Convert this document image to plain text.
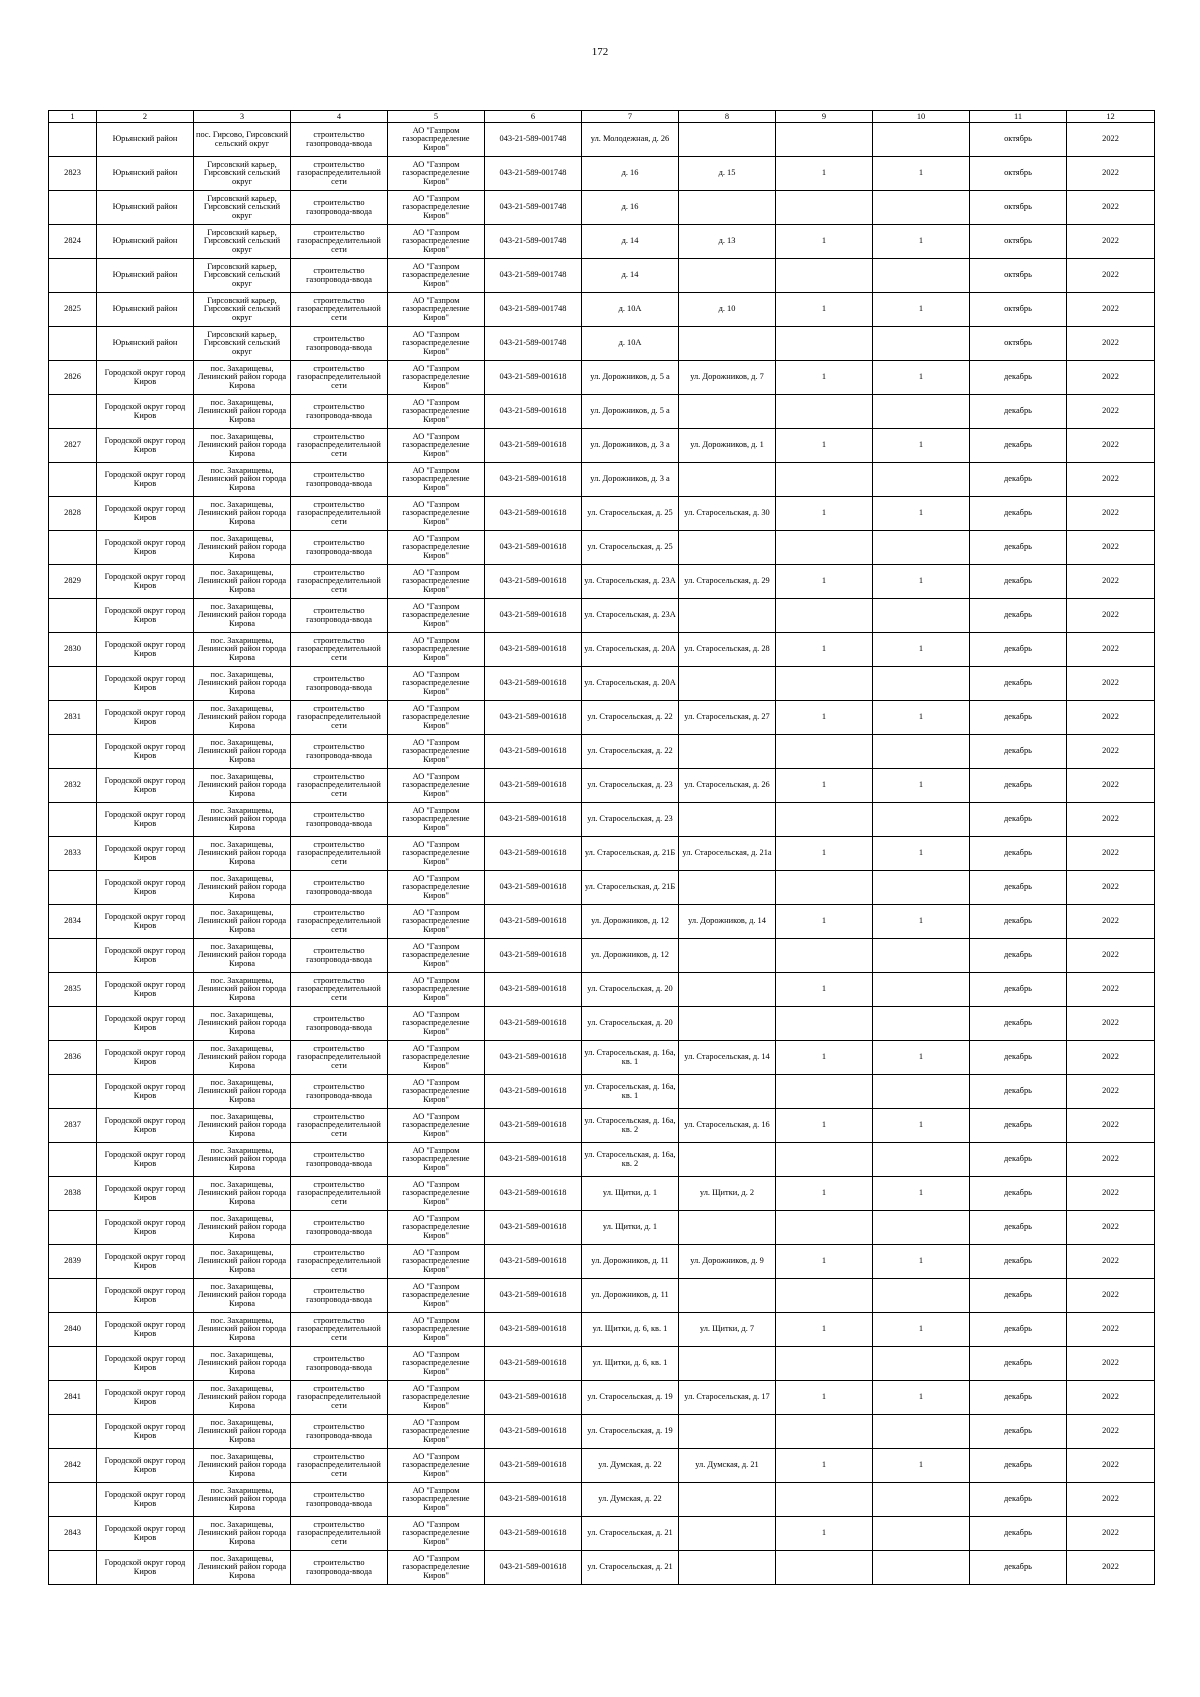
172
1	2	3	4	5	6	7	8	9	10	11	12
	Юрьянский район	пос. Гирсово, Гирсовский сельский округ	строительство газопровода-ввода	АО "Газпром газораспределение Киров"	043-21-589-001748	ул. Молодежная, д. 26				октябрь	2022
2823	Юрьянский район	Гирсовский карьер, Гирсовский сельский округ	строительство газораспределительной сети	АО "Газпром газораспределение Киров"	043-21-589-001748	д. 16	д. 15	1	1	октябрь	2022
	Юрьянский район	Гирсовский карьер, Гирсовский сельский округ	строительство газопровода-ввода	АО "Газпром газораспределение Киров"	043-21-589-001748	д. 16				октябрь	2022
2824	Юрьянский район	Гирсовский карьер, Гирсовский сельский округ	строительство газораспределительной сети	АО "Газпром газораспределение Киров"	043-21-589-001748	д. 14	д. 13	1	1	октябрь	2022
	Юрьянский район	Гирсовский карьер, Гирсовский сельский округ	строительство газопровода-ввода	АО "Газпром газораспределение Киров"	043-21-589-001748	д. 14				октябрь	2022
2825	Юрьянский район	Гирсовский карьер, Гирсовский сельский округ	строительство газораспределительной сети	АО "Газпром газораспределение Киров"	043-21-589-001748	д. 10А	д. 10	1	1	октябрь	2022
	Юрьянский район	Гирсовский карьер, Гирсовский сельский округ	строительство газопровода-ввода	АО "Газпром газораспределение Киров"	043-21-589-001748	д. 10А				октябрь	2022
2826	Городской округ город Киров	пос. Захарищевы, Ленинский район города Кирова	строительство газораспределительной сети	АО "Газпром газораспределение Киров"	043-21-589-001618	ул. Дорожников, д. 5 а	ул. Дорожников, д. 7	1	1	декабрь	2022
	Городской округ город Киров	пос. Захарищевы, Ленинский район города Кирова	строительство газопровода-ввода	АО "Газпром газораспределение Киров"	043-21-589-001618	ул. Дорожников, д. 5 а				декабрь	2022
2827	Городской округ город Киров	пос. Захарищевы, Ленинский район города Кирова	строительство газораспределительной сети	АО "Газпром газораспределение Киров"	043-21-589-001618	ул. Дорожников, д. 3 а	ул. Дорожников, д. 1	1	1	декабрь	2022
	Городской округ город Киров	пос. Захарищевы, Ленинский район города Кирова	строительство газопровода-ввода	АО "Газпром газораспределение Киров"	043-21-589-001618	ул. Дорожников, д. 3 а				декабрь	2022
2828	Городской округ город Киров	пос. Захарищевы, Ленинский район города Кирова	строительство газораспределительной сети	АО "Газпром газораспределение Киров"	043-21-589-001618	ул. Старосельская, д. 25	ул. Старосельская, д. 30	1	1	декабрь	2022
	Городской округ город Киров	пос. Захарищевы, Ленинский район города Кирова	строительство газопровода-ввода	АО "Газпром газораспределение Киров"	043-21-589-001618	ул. Старосельская, д. 25				декабрь	2022
2829	Городской округ город Киров	пос. Захарищевы, Ленинский район города Кирова	строительство газораспределительной сети	АО "Газпром газораспределение Киров"	043-21-589-001618	ул. Старосельская, д. 23А	ул. Старосельская, д. 29	1	1	декабрь	2022
	Городской округ город Киров	пос. Захарищевы, Ленинский район города Кирова	строительство газопровода-ввода	АО "Газпром газораспределение Киров"	043-21-589-001618	ул. Старосельская, д. 23А				декабрь	2022
2830	Городской округ город Киров	пос. Захарищевы, Ленинский район города Кирова	строительство газораспределительной сети	АО "Газпром газораспределение Киров"	043-21-589-001618	ул. Старосельская, д. 20А	ул. Старосельская, д. 28	1	1	декабрь	2022
	Городской округ город Киров	пос. Захарищевы, Ленинский район города Кирова	строительство газопровода-ввода	АО "Газпром газораспределение Киров"	043-21-589-001618	ул. Старосельская, д. 20А				декабрь	2022
2831	Городской округ город Киров	пос. Захарищевы, Ленинский район города Кирова	строительство газораспределительной сети	АО "Газпром газораспределение Киров"	043-21-589-001618	ул. Старосельская, д. 22	ул. Старосельская, д. 27	1	1	декабрь	2022
	Городской округ город Киров	пос. Захарищевы, Ленинский район города Кирова	строительство газопровода-ввода	АО "Газпром газораспределение Киров"	043-21-589-001618	ул. Старосельская, д. 22				декабрь	2022
2832	Городской округ город Киров	пос. Захарищевы, Ленинский район города Кирова	строительство газораспределительной сети	АО "Газпром газораспределение Киров"	043-21-589-001618	ул. Старосельская, д. 23	ул. Старосельская, д. 26	1	1	декабрь	2022
	Городской округ город Киров	пос. Захарищевы, Ленинский район города Кирова	строительство газопровода-ввода	АО "Газпром газораспределение Киров"	043-21-589-001618	ул. Старосельская, д. 23				декабрь	2022
2833	Городской округ город Киров	пос. Захарищевы, Ленинский район города Кирова	строительство газораспределительной сети	АО "Газпром газораспределение Киров"	043-21-589-001618	ул. Старосельская, д. 21Б	ул. Старосельская, д. 21а	1	1	декабрь	2022
	Городской округ город Киров	пос. Захарищевы, Ленинский район города Кирова	строительство газопровода-ввода	АО "Газпром газораспределение Киров"	043-21-589-001618	ул. Старосельская, д. 21Б				декабрь	2022
2834	Городской округ город Киров	пос. Захарищевы, Ленинский район города Кирова	строительство газораспределительной сети	АО "Газпром газораспределение Киров"	043-21-589-001618	ул. Дорожников, д. 12	ул. Дорожников, д. 14	1	1	декабрь	2022
	Городской округ город Киров	пос. Захарищевы, Ленинский район города Кирова	строительство газопровода-ввода	АО "Газпром газораспределение Киров"	043-21-589-001618	ул. Дорожников, д. 12				декабрь	2022
2835	Городской округ город Киров	пос. Захарищевы, Ленинский район города Кирова	строительство газораспределительной сети	АО "Газпром газораспределение Киров"	043-21-589-001618	ул. Старосельская, д. 20		1		декабрь	2022
	Городской округ город Киров	пос. Захарищевы, Ленинский район города Кирова	строительство газопровода-ввода	АО "Газпром газораспределение Киров"	043-21-589-001618	ул. Старосельская, д. 20				декабрь	2022
2836	Городской округ город Киров	пос. Захарищевы, Ленинский район города Кирова	строительство газораспределительной сети	АО "Газпром газораспределение Киров"	043-21-589-001618	ул. Старосельская, д. 16а, кв. 1	ул. Старосельская, д. 14	1	1	декабрь	2022
	Городской округ город Киров	пос. Захарищевы, Ленинский район города Кирова	строительство газопровода-ввода	АО "Газпром газораспределение Киров"	043-21-589-001618	ул. Старосельская, д. 16а, кв. 1				декабрь	2022
2837	Городской округ город Киров	пос. Захарищевы, Ленинский район города Кирова	строительство газораспределительной сети	АО "Газпром газораспределение Киров"	043-21-589-001618	ул. Старосельская, д. 16а, кв. 2	ул. Старосельская, д. 16	1	1	декабрь	2022
	Городской округ город Киров	пос. Захарищевы, Ленинский район города Кирова	строительство газопровода-ввода	АО "Газпром газораспределение Киров"	043-21-589-001618	ул. Старосельская, д. 16а, кв. 2				декабрь	2022
2838	Городской округ город Киров	пос. Захарищевы, Ленинский район города Кирова	строительство газораспределительной сети	АО "Газпром газораспределение Киров"	043-21-589-001618	ул. Щитки, д. 1	ул. Щитки, д. 2	1	1	декабрь	2022
	Городской округ город Киров	пос. Захарищевы, Ленинский район города Кирова	строительство газопровода-ввода	АО "Газпром газораспределение Киров"	043-21-589-001618	ул. Щитки, д. 1				декабрь	2022
2839	Городской округ город Киров	пос. Захарищевы, Ленинский район города Кирова	строительство газораспределительной сети	АО "Газпром газораспределение Киров"	043-21-589-001618	ул. Дорожников, д. 11	ул. Дорожников, д. 9	1	1	декабрь	2022
	Городской округ город Киров	пос. Захарищевы, Ленинский район города Кирова	строительство газопровода-ввода	АО "Газпром газораспределение Киров"	043-21-589-001618	ул. Дорожников, д. 11				декабрь	2022
2840	Городской округ город Киров	пос. Захарищевы, Ленинский район города Кирова	строительство газораспределительной сети	АО "Газпром газораспределение Киров"	043-21-589-001618	ул. Щитки, д. 6, кв. 1	ул. Щитки, д. 7	1	1	декабрь	2022
	Городской округ город Киров	пос. Захарищевы, Ленинский район города Кирова	строительство газопровода-ввода	АО "Газпром газораспределение Киров"	043-21-589-001618	ул. Щитки, д. 6, кв. 1				декабрь	2022
2841	Городской округ город Киров	пос. Захарищевы, Ленинский район города Кирова	строительство газораспределительной сети	АО "Газпром газораспределение Киров"	043-21-589-001618	ул. Старосельская, д. 19	ул. Старосельская, д. 17	1	1	декабрь	2022
	Городской округ город Киров	пос. Захарищевы, Ленинский район города Кирова	строительство газопровода-ввода	АО "Газпром газораспределение Киров"	043-21-589-001618	ул. Старосельская, д. 19				декабрь	2022
2842	Городской округ город Киров	пос. Захарищевы, Ленинский район города Кирова	строительство газораспределительной сети	АО "Газпром газораспределение Киров"	043-21-589-001618	ул. Думская, д. 22	ул. Думская, д. 21	1	1	декабрь	2022
	Городской округ город Киров	пос. Захарищевы, Ленинский район города Кирова	строительство газопровода-ввода	АО "Газпром газораспределение Киров"	043-21-589-001618	ул. Думская, д. 22				декабрь	2022
2843	Городской округ город Киров	пос. Захарищевы, Ленинский район города Кирова	строительство газораспределительной сети	АО "Газпром газораспределение Киров"	043-21-589-001618	ул. Старосельская, д. 21		1		декабрь	2022
	Городской округ город Киров	пос. Захарищевы, Ленинский район города Кирова	строительство газопровода-ввода	АО "Газпром газораспределение Киров"	043-21-589-001618	ул. Старосельская, д. 21				декабрь	2022
